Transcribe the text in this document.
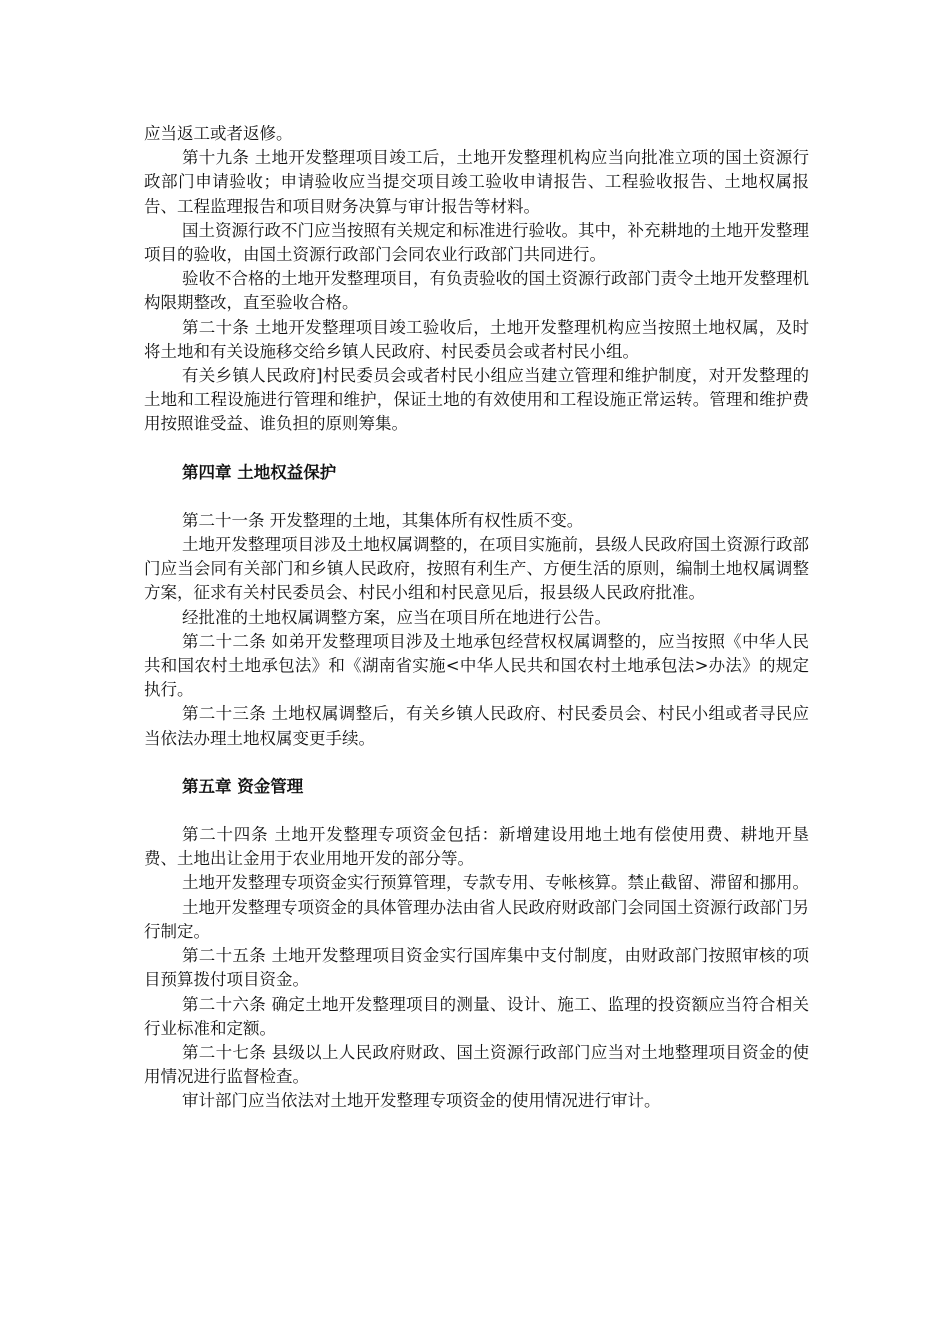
应当返工或者返修。

第十九条 土地开发整理项目竣工后，土地开发整理机构应当向批准立项的国土资源行政部门申请验收；申请验收应当提交项目竣工验收申请报告、工程验收报告、土地权属报告、工程监理报告和项目财务决算与审计报告等材料。

国土资源行政不门应当按照有关规定和标准进行验收。其中，补充耕地的土地开发整理项目的验收，由国土资源行政部门会同农业行政部门共同进行。

验收不合格的土地开发整理项目，有负责验收的国土资源行政部门责令土地开发整理机构限期整改，直至验收合格。

第二十条 土地开发整理项目竣工验收后，土地开发整理机构应当按照土地权属，及时将土地和有关设施移交给乡镇人民政府、村民委员会或者村民小组。

有关乡镇人民政府]村民委员会或者村民小组应当建立管理和维护制度，对开发整理的土地和工程设施进行管理和维护，保证土地的有效使用和工程设施正常运转。管理和维护费用按照谁受益、谁负担的原则筹集。

第四章 土地权益保护

第二十一条 开发整理的土地，其集体所有权性质不变。

土地开发整理项目涉及土地权属调整的，在项目实施前，县级人民政府国土资源行政部门应当会同有关部门和乡镇人民政府，按照有利生产、方便生活的原则，编制土地权属调整方案，征求有关村民委员会、村民小组和村民意见后，报县级人民政府批准。

经批准的土地权属调整方案，应当在项目所在地进行公告。

第二十二条 如弟开发整理项目涉及土地承包经营权权属调整的，应当按照《中华人民共和国农村土地承包法》和《湖南省实施<中华人民共和国农村土地承包法>办法》的规定执行。

第二十三条 土地权属调整后，有关乡镇人民政府、村民委员会、村民小组或者寻民应当依法办理土地权属变更手续。

第五章 资金管理

第二十四条 土地开发整理专项资金包括：新增建设用地土地有偿使用费、耕地开垦费、土地出让金用于农业用地开发的部分等。

土地开发整理专项资金实行预算管理，专款专用、专帐核算。禁止截留、滞留和挪用。

土地开发整理专项资金的具体管理办法由省人民政府财政部门会同国土资源行政部门另行制定。

第二十五条 土地开发整理项目资金实行国库集中支付制度，由财政部门按照审核的项目预算拨付项目资金。

第二十六条 确定土地开发整理项目的测量、设计、施工、监理的投资额应当符合相关行业标准和定额。

第二十七条 县级以上人民政府财政、国土资源行政部门应当对土地整理项目资金的使用情况进行监督检查。

审计部门应当依法对土地开发整理专项资金的使用情况进行审计。
